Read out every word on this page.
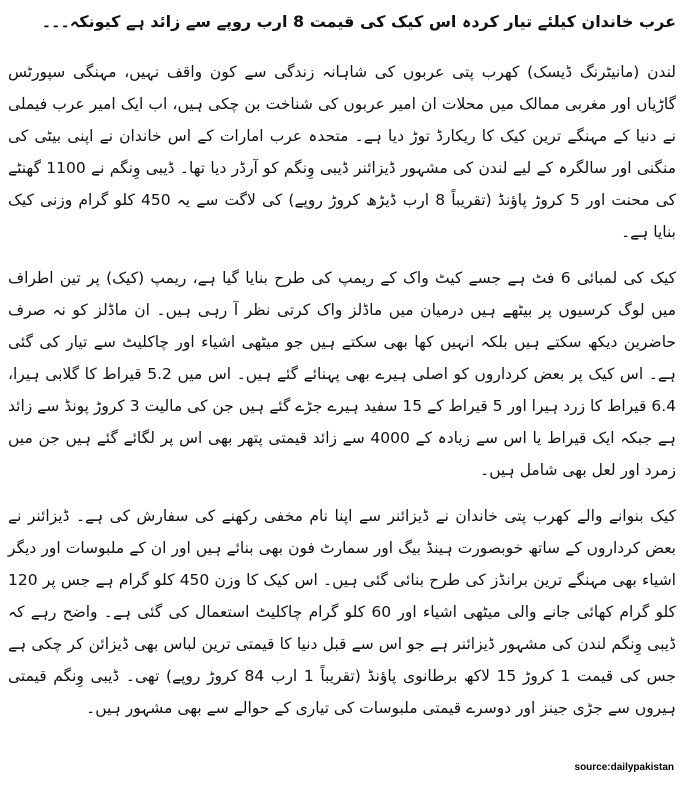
عرب خاندان کیلئے تیار کردہ اس کیک کی قیمت 8 ارب روپے سے زائد ہے کیونکہ۔۔۔

لندن (مانیٹرنگ ڈیسک) کھرب پتی عربوں کی شاہانہ زندگی سے کون واقف نہیں، مہنگی سپورٹس گاڑیاں اور مغربی ممالک میں محلات ان امیر عربوں کی شناخت بن چکی ہیں، اب ایک امیر عرب فیملی نے دنیا کے مہنگے ترین کیک کا ریکارڈ توڑ دیا ہے۔ متحدہ عرب امارات کے اس خاندان نے اپنی بیٹی کی منگنی اور سالگرہ کے لیے لندن کی مشہور ڈیزائنر ڈیبی وِنگم کو آرڈر دیا تھا۔ ڈیبی وِنگم نے 1100 گھنٹے کی محنت اور 5 کروڑ پاؤنڈ (تقریباً 8 ارب ڈیڑھ کروڑ روپے) کی لاگت سے یہ 450 کلو گرام وزنی کیک بنایا ہے۔

کیک کی لمبائی 6 فٹ ہے جسے کیٹ واک کے ریمپ کی طرح بنایا گیا ہے، ریمپ (کیک) پر تین اطراف میں لوگ کرسیوں پر بیٹھے ہیں درمیان میں ماڈلز واک کرتی نظر آ رہی ہیں۔ ان ماڈلز کو نہ صرف حاضرین دیکھ سکتے ہیں بلکہ انہیں کھا بھی سکتے ہیں جو میٹھی اشیاء اور چاکلیٹ سے تیار کی گئی ہے۔ اس کیک پر بعض کرداروں کو اصلی ہیرے بھی پہنائے گئے ہیں۔ اس میں 5.2 قیراط کا گلابی ہیرا، 6.4 قیراط کا زرد ہیرا اور 5 قیراط کے 15 سفید ہیرے جڑے گئے ہیں جن کی مالیت 3 کروڑ پونڈ سے زائد ہے جبکہ ایک قیراط یا اس سے زیادہ کے 4000 سے زائد قیمتی پتھر بھی اس پر لگائے گئے ہیں جن میں زمرد اور لعل بھی شامل ہیں۔

کیک بنوانے والے کھرب پتی خاندان نے ڈیزائنر سے اپنا نام مخفی رکھنے کی سفارش کی ہے۔ ڈیزائنر نے بعض کرداروں کے ساتھ خوبصورت ہینڈ بیگ اور سمارٹ فون بھی بنائے ہیں اور ان کے ملبوسات اور دیگر اشیاء بھی مہنگے ترین برانڈز کی طرح بنائی گئی ہیں۔ اس کیک کا وزن 450 کلو گرام ہے جس پر 120 کلو گرام کھائی جانے والی میٹھی اشیاء اور 60 کلو گرام چاکلیٹ استعمال کی گئی ہے۔ واضح رہے کہ ڈیبی وِنگم لندن کی مشہور ڈیزائنر ہے جو اس سے قبل دنیا کا قیمتی ترین لباس بھی ڈیزائن کر چکی ہے جس کی قیمت 1 کروڑ 15 لاکھ برطانوی پاؤنڈ (تقریباً 1 ارب 84 کروڑ روپے) تھی۔ ڈیبی وِنگم قیمتی ہیروں سے جڑی جینز اور دوسرے قیمتی ملبوسات کی تیاری کے حوالے سے بھی مشہور ہیں۔

source:dailypakistan
